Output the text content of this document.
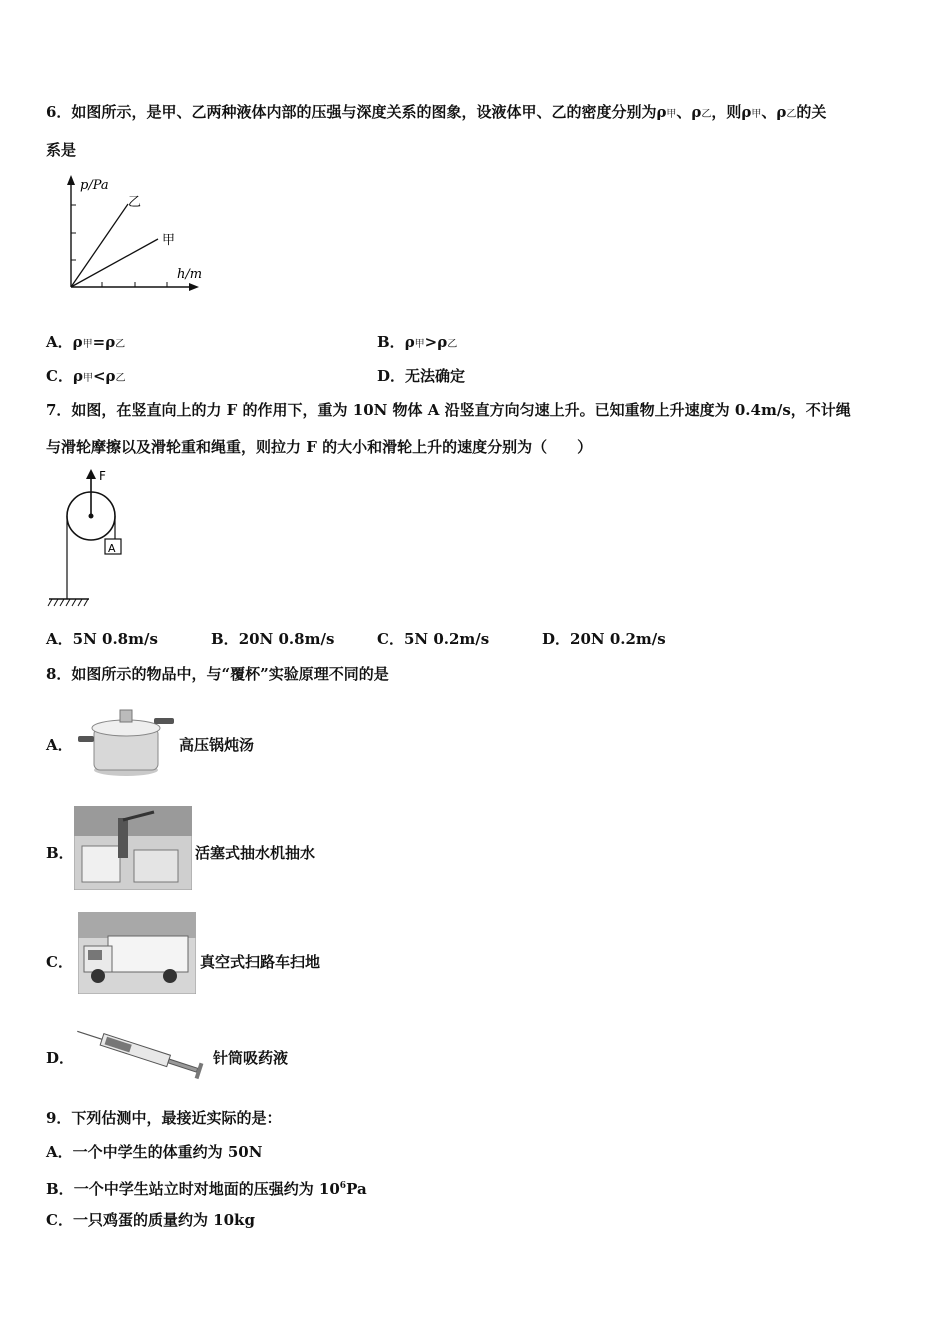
6．如图所示，是甲、乙两种液体内部的压强与深度关系的图象，设液体甲、乙的密度分别为ρ甲、ρ乙，则ρ甲、ρ乙的关
系是
p/Pa
h/m
乙
甲
A．ρ甲=ρ乙	B．ρ甲>ρ乙
C．ρ甲<ρ乙	D．无法确定
7．如图，在竖直向上的力 F 的作用下，重为 10N 物体 A 沿竖直方向匀速上升。已知重物上升速度为 0.4m/s，不计绳
与滑轮摩擦以及滑轮重和绳重，则拉力 F 的大小和滑轮上升的速度分别为（　　）
F
A
A．5N 0.8m/s	B．20N 0.8m/s	C．5N 0.2m/s	D．20N 0.2m/s
8．如图所示的物品中，与“覆杯”实验原理不同的是
A．	高压锅炖汤
B．	活塞式抽水机抽水
C．	真空式扫路车扫地
D．	针筒吸药液
9．下列估测中，最接近实际的是：
A．一个中学生的体重约为 50N
B．一个中学生站立时对地面的压强约为 $10^6Pa$
C．一只鸡蛋的质量约为 10kg
